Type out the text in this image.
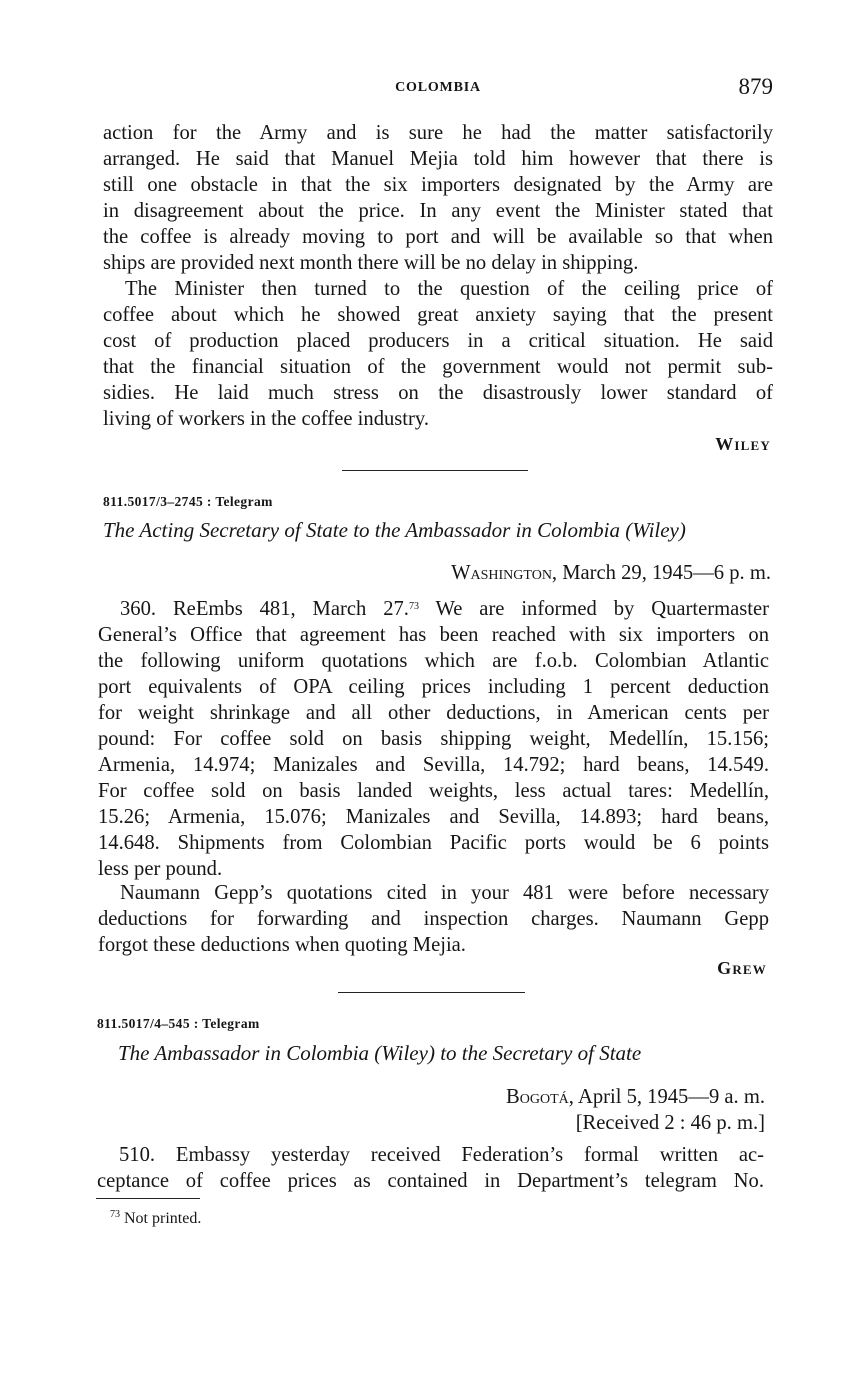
COLOMBIA	879
action for the Army and is sure he had the matter satisfactorily
arranged. He said that Manuel Mejia told him however that there is
still one obstacle in that the six importers designated by the Army are
in disagreement about the price. In any event the Minister stated that
the coffee is already moving to port and will be available so that when
ships are provided next month there will be no delay in shipping.
The Minister then turned to the question of the ceiling price of
coffee about which he showed great anxiety saying that the present
cost of production placed producers in a critical situation. He said
that the financial situation of the government would not permit sub-
sidies. He laid much stress on the disastrously lower standard of
living of workers in the coffee industry.
Wiley
811.5017/3–2745 : Telegram
The Acting Secretary of State to the Ambassador in Colombia (Wiley)
Washington, March 29, 1945—6 p. m.
360. ReEmbs 481, March 27.73 We are informed by Quartermaster
General’s Office that agreement has been reached with six importers on
the following uniform quotations which are f.o.b. Colombian Atlantic
port equivalents of OPA ceiling prices including 1 percent deduction
for weight shrinkage and all other deductions, in American cents per
pound: For coffee sold on basis shipping weight, Medellín, 15.156;
Armenia, 14.974; Manizales and Sevilla, 14.792; hard beans, 14.549.
For coffee sold on basis landed weights, less actual tares: Medellín,
15.26; Armenia, 15.076; Manizales and Sevilla, 14.893; hard beans,
14.648. Shipments from Colombian Pacific ports would be 6 points
less per pound.
Naumann Gepp’s quotations cited in your 481 were before necessary
deductions for forwarding and inspection charges. Naumann Gepp
forgot these deductions when quoting Mejia.
Grew
811.5017/4–545 : Telegram
The Ambassador in Colombia (Wiley) to the Secretary of State
Bogotá, April 5, 1945—9 a. m.
[Received 2 : 46 p. m.]
510. Embassy yesterday received Federation’s formal written ac-
ceptance of coffee prices as contained in Department’s telegram No.
$^{73}$ Not printed.
